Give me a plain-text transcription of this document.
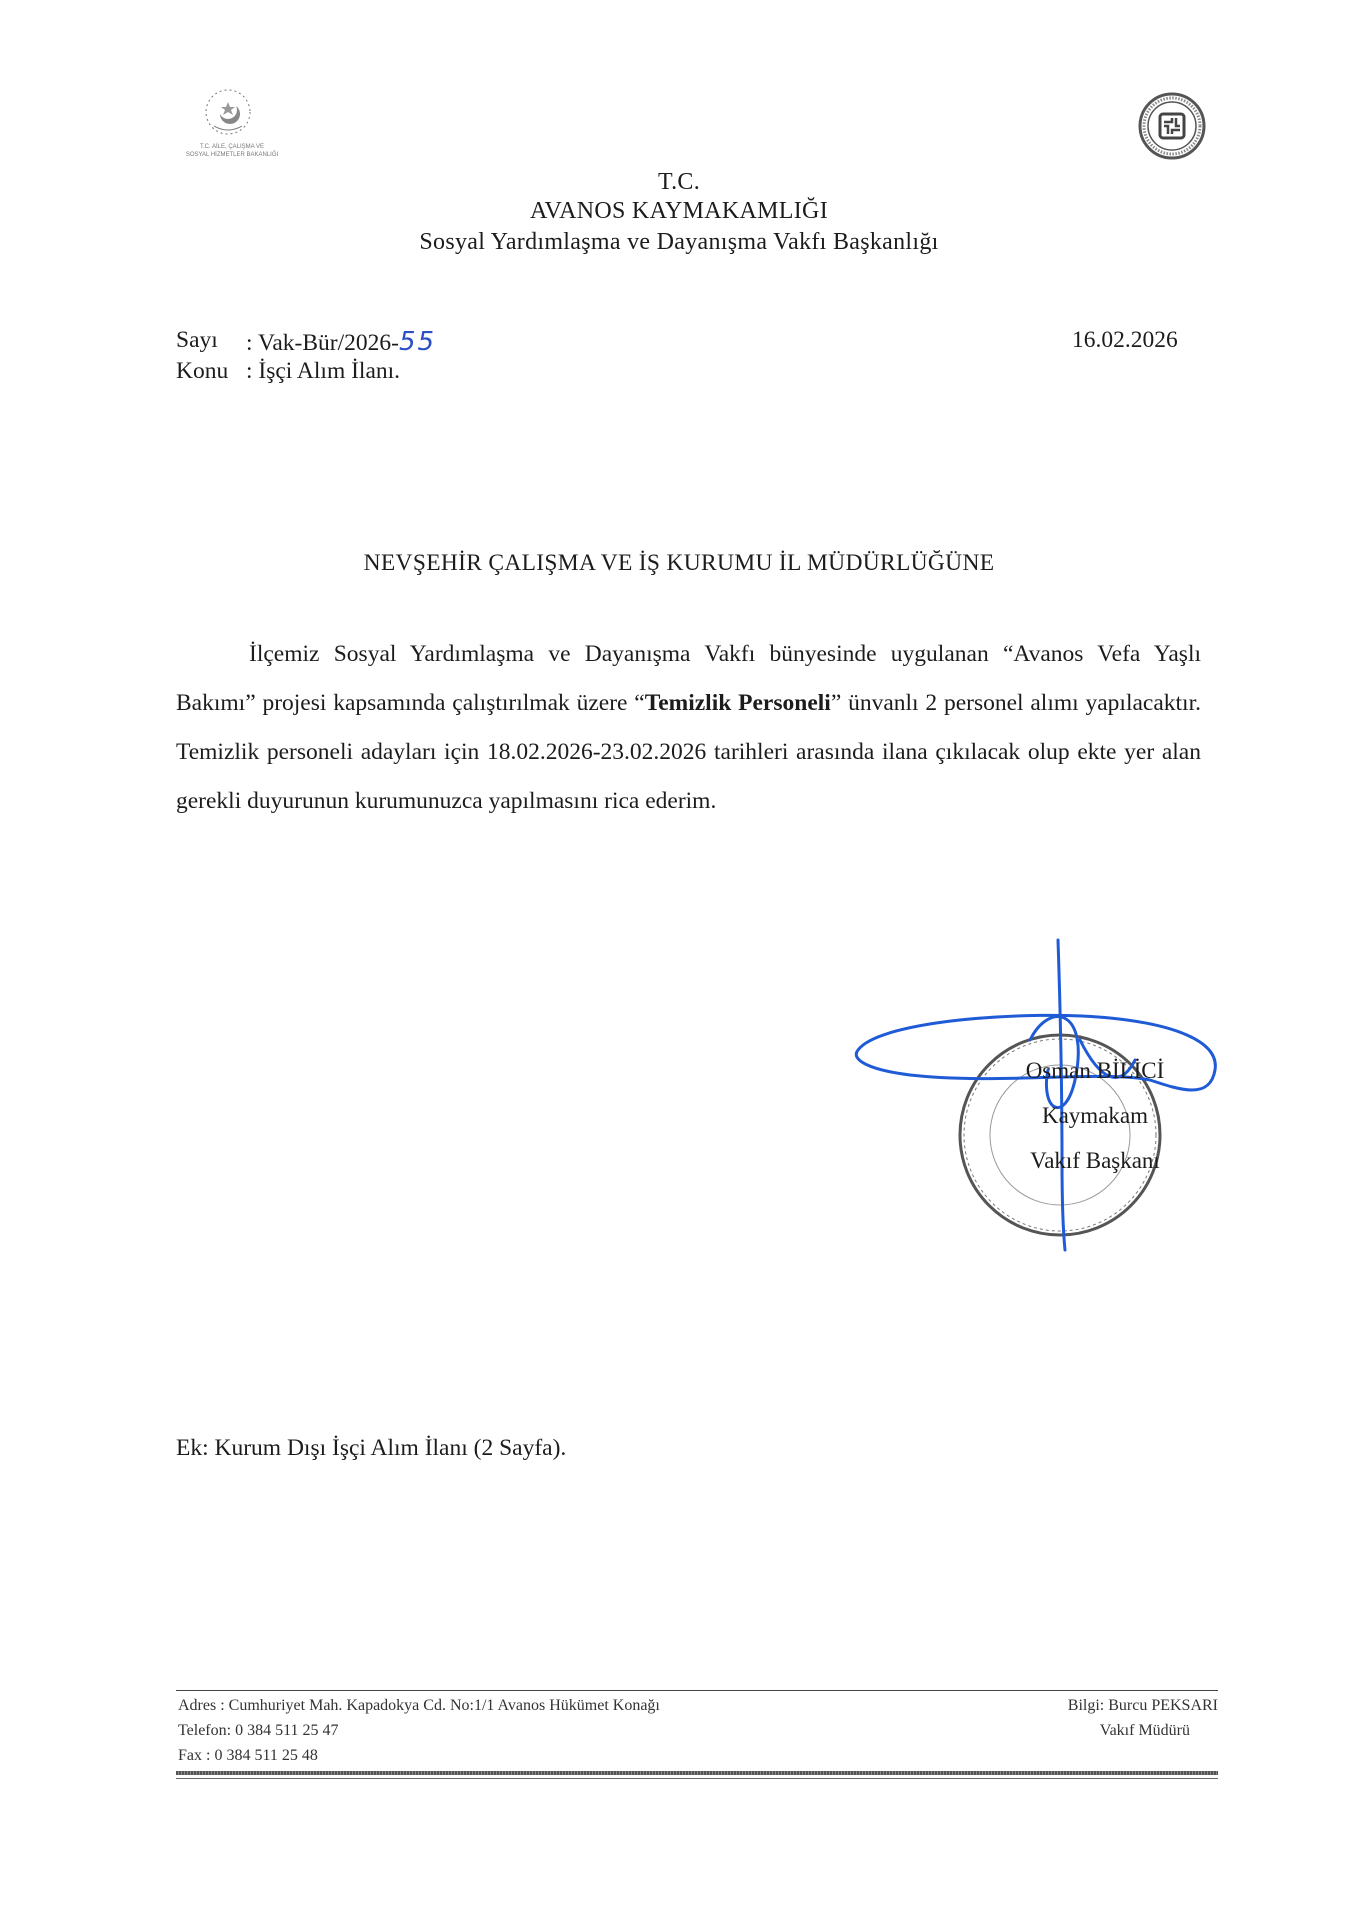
T.C. AİLE, ÇALIŞMA VE
SOSYAL HİZMETLER BAKANLIĞI
T.C.
AVANOS KAYMAKAMLIĞI
Sosyal Yardımlaşma ve Dayanışma Vakfı Başkanlığı
Sayı : Vak-Bür/2026-55
Konu : İşçi Alım İlanı.
16.02.2026
NEVŞEHİR ÇALIŞMA VE İŞ KURUMU İL MÜDÜRLÜĞÜNE

İlçemiz Sosyal Yardımlaşma ve Dayanışma Vakfı bünyesinde uygulanan “Avanos Vefa Yaşlı Bakımı” projesi kapsamında çalıştırılmak üzere “Temizlik Personeli” ünvanlı 2 personel alımı yapılacaktır. Temizlik personeli adayları için 18.02.2026-23.02.2026 tarihleri arasında ilana çıkılacak olup ekte yer alan gerekli duyurunun kurumunuzca yapılmasını rica ederim.

Osman BİLİCİ
Kaymakam
Vakıf Başkanı
Ek: Kurum Dışı İşçi Alım İlanı (2 Sayfa).
Adres : Cumhuriyet Mah. Kapadokya Cd. No:1/1 Avanos Hükümet Konağı
Telefon: 0 384 511 25 47
Fax : 0 384 511 25 48
Bilgi: Burcu PEKSARI
Vakıf Müdürü
